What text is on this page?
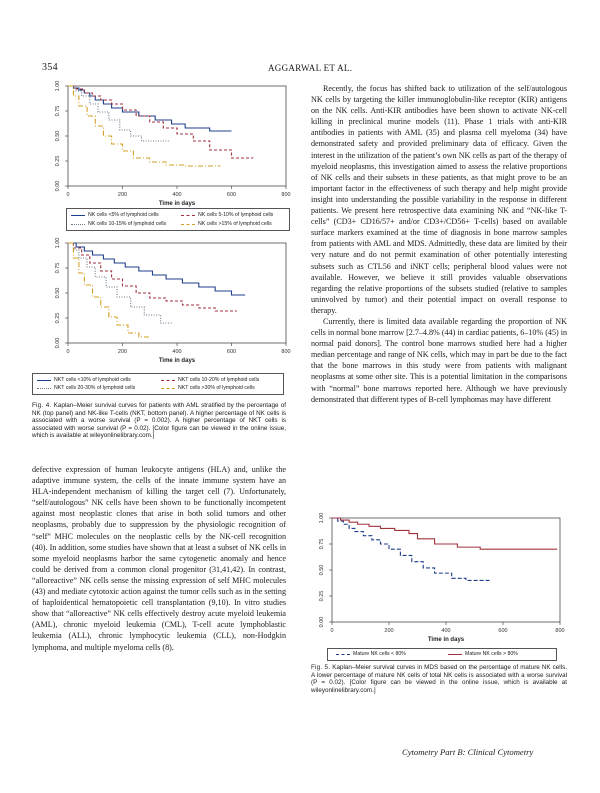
354	AGGARWAL ET AL.
0.00
0.25
0.50
0.75
1.00
0	200	400	600	800
Time in days
NK cells <5% of lymphoid cells	NK cells 5-10% of lymphoid cells
NK cells 10-15% of lymphoid cells	NK cells >15% of lymphoid cells
0.00
0.25
0.50
0.75
1.00
0	200	400	600	800
Time in days
NKT cells <10% of lymphoid cells	NKT cells 10-20% of lymphoid cells
NKT cells 20-30% of lymphoid cells	NKT cells >30% of lymphoid cells
Fig. 4. Kaplan–Meier survival curves for patients with AML stratified by the percentage of NK (top panel) and NK-like T-cells (NKT, bottom panel). A higher percentage of NK cells is associated with a worse survival (P = 0.002). A higher percentage of NKT cells is associated with worse survival (P = 0.02). [Color figure can be viewed in the online issue, which is available at wileyonlinelibrary.com.]

defective expression of human leukocyte antigens (HLA) and, unlike the adaptive immune system, the cells of the innate immune system have an HLA-independent mechanism of killing the target cell (7). Unfortunately, “self/autologous” NK cells have been shown to be functionally incompetent against most neoplastic clones that arise in both solid tumors and other neoplasms, probably due to suppression by the physiologic recognition of “self” MHC molecules on the neoplastic cells by the NK-cell recognition (40). In addition, some studies have shown that at least a subset of NK cells in some myeloid neoplasms harbor the same cytogenetic anomaly and hence could be derived from a common clonal progenitor (31,41,42). In contrast, “alloreactive” NK cells sense the missing expression of self MHC molecules (43) and mediate cytotoxic action against the tumor cells such as in the setting of haploidentical hematopoietic cell transplantation (9,10). In vitro studies show that “alloreactive” NK cells effectively destroy acute myeloid leukemia (AML), chronic myeloid leukemia (CML), T-cell acute lymphoblastic leukemia (ALL), chronic lymphocytic leukemia (CLL), non-Hodgkin lymphoma, and multiple myeloma cells (8).

Recently, the focus has shifted back to utilization of the self/autologous NK cells by targeting the killer immunoglobulin-like receptor (KIR) antigens on the NK cells. Anti-KIR antibodies have been shown to activate NK-cell killing in preclinical murine models (11). Phase 1 trials with anti-KIR antibodies in patients with AML (35) and plasma cell myeloma (34) have demonstrated safety and provided preliminary data of efficacy. Given the interest in the utilization of the patient’s own NK cells as part of the therapy of myeloid neoplasms, this investigation aimed to assess the relative proportions of NK cells and their subsets in these patients, as that might prove to be an important factor in the effectiveness of such therapy and help might provide insight into understanding the possible variability in the response in different patients. We present here retrospective data examining NK and “NK-like T-cells” (CD3+ CD16/57+ and/or CD3+/CD56+ T-cells) based on available surface markers examined at the time of diagnosis in bone marrow samples from patients with AML and MDS. Admittedly, these data are limited by their very nature and do not permit examination of other potentially interesting subsets such as CTL56 and iNKT cells; peripheral blood values were not available. However, we believe it still provides valuable observations regarding the relative proportions of the subsets studied (relative to samples uninvolved by tumor) and their potential impact on overall response to therapy.

Currently, there is limited data available regarding the proportion of NK cells in normal bone marrow [2.7–4.8% (44) in cardiac patients, 6–10% (45) in normal paid donors]. The control bone marrows studied here had a higher median percentage and range of NK cells, which may in part be due to the fact that the bone marrows in this study were from patients with malignant neoplasms at some other site. This is a potential limitation in the comparisons with “normal” bone marrows reported here. Although we have previously demonstrated that different types of B-cell lymphomas may have different

0.00
0.25
0.50
0.75
1.00
0	200	400	600	800
Time in days
Mature NK cells < 80%	Mature NK cells > 80%
Fig. 5. Kaplan–Meier survival curves in MDS based on the percentage of mature NK cells. A lower percentage of mature NK cells of total NK cells is associated with a worse survival (P = 0.02). [Color figure can be viewed in the online issue, which is available at wileyonlinelibrary.com.]
Cytometry Part B: Clinical Cytometry
